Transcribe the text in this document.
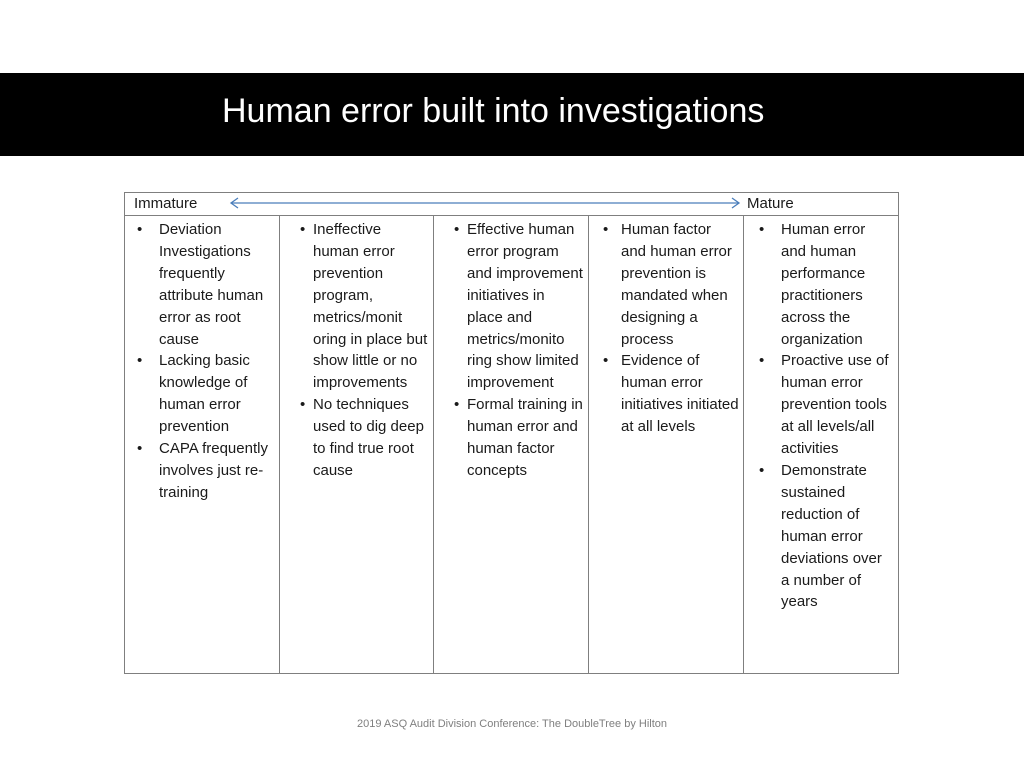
Human error built into investigations
Immature	Mature
• Deviation Investigations frequently attribute human error as root cause
• Lacking basic knowledge of human error prevention
• CAPA frequently involves just re-training
• Ineffective human error prevention program, metrics/monit oring in place but show little or no improvements
• No techniques used to dig deep to find true root cause
• Effective human error program and improvement initiatives in place and metrics/monito ring show limited improvement
• Formal training in human error and human factor concepts
• Human factor and human error prevention is mandated when designing a process
• Evidence of human error initiatives initiated at all levels
• Human error and human performance practitioners across the organization
• Proactive use of human error prevention tools at all levels/all activities
• Demonstrate sustained reduction of human error deviations over a number of years
2019 ASQ Audit Division Conference: The DoubleTree by Hilton
